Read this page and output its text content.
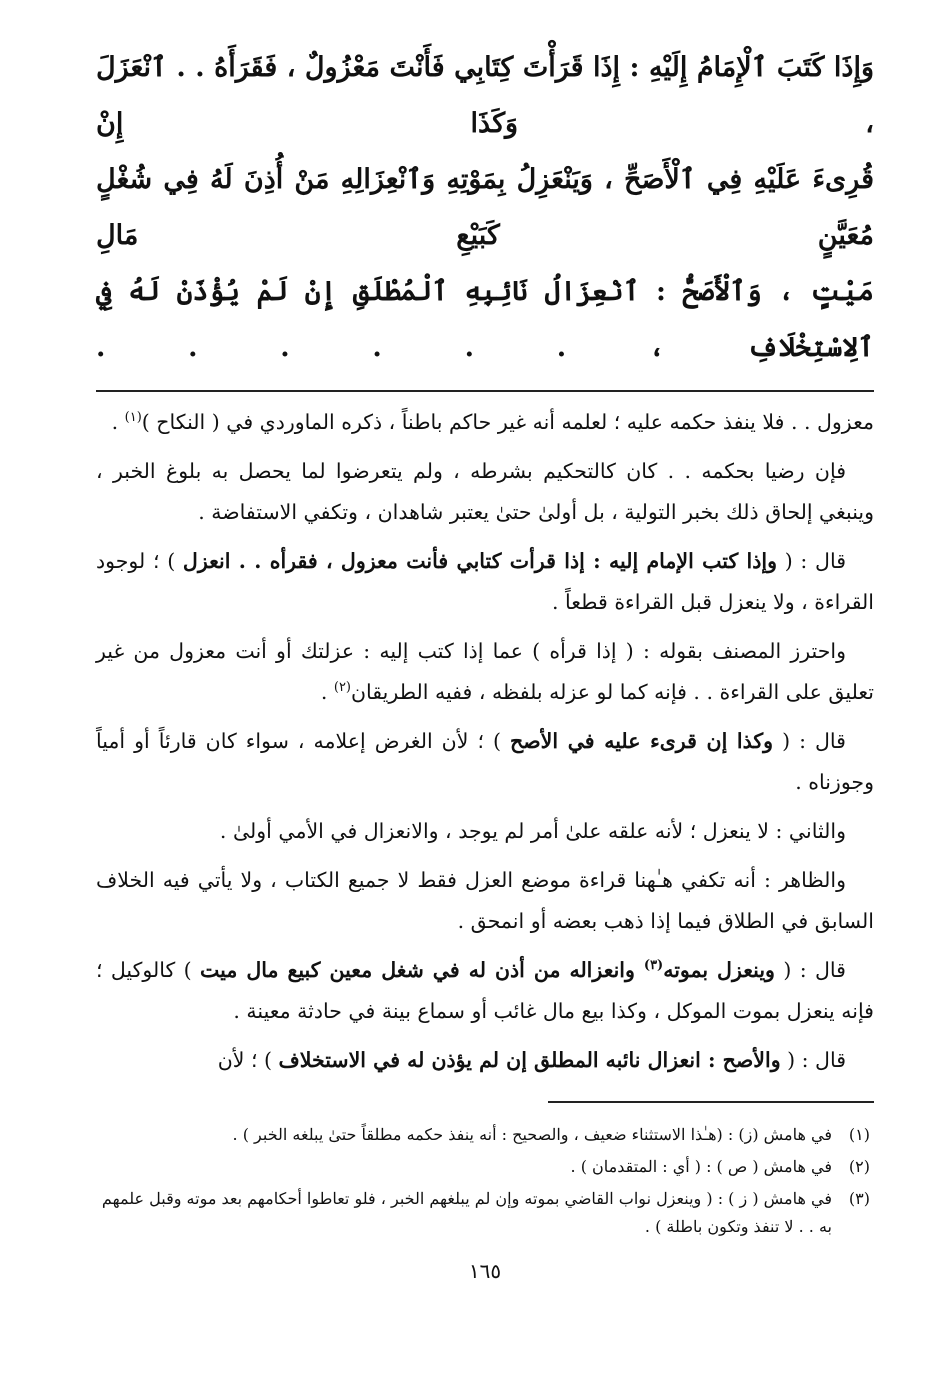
وَإِذَا كَتَبَ ٱلْإِمَامُ إِلَيْهِ : إِذَا قَرَأْتَ كِتَابِي فَأَنْتَ مَعْزُولٌ ، فَقَرَأَهُ . . ٱنْعَزَلَ ، وَكَذَا إِنْ

قُرِىءَ عَلَيْهِ فِي ٱلْأَصَحِّ ، وَيَنْعَزِلُ بِمَوْتِهِ وَٱنْعِزَالِهِ مَنْ أُذِنَ لَهُ فِي شُغْلٍ مُعَيَّنٍ كَبَيْعِ مَالِ

مَيْتٍ ، وَٱلْأَصَحُّ : ٱنْعِزَالُ نَائِبِهِ ٱلْمُطْلَقِ إِنْ لَمْ يُؤْذَنْ لَهُ فِي ٱلِاسْتِخْلَافِ ، . . . . . .

معزول . . فلا ينفذ حكمه عليه ؛ لعلمه أنه غير حاكم باطناً ، ذكره الماوردي في ( النكاح )$^{(١)}$ .

فإن رضيا بحكمه . . كان كالتحكيم بشرطه ، ولم يتعرضوا لما يحصل به بلوغ الخبر ، وينبغي إلحاق ذلك بخبر التولية ، بل أولىٰ حتىٰ يعتبر شاهدان ، وتكفي الاستفاضة .

قال : ( وإذا كتب الإمام إليه : إذا قرأت كتابي فأنت معزول ، فقرأه . . انعزل ) ؛ لوجود القراءة ، ولا ينعزل قبل القراءة قطعاً .

واحترز المصنف بقوله : ( إذا قرأه ) عما إذا كتب إليه : عزلتك أو أنت معزول من غير تعليق على القراءة . . فإنه كما لو عزله بلفظه ، ففيه الطريقان$^{(٢)}$ .

قال : ( وكذا إن قرىء عليه في الأصح ) ؛ لأن الغرض إعلامه ، سواء كان قارئاً أو أمياً وجوزناه .

والثاني : لا ينعزل ؛ لأنه علقه علىٰ أمر لم يوجد ، والانعزال في الأمي أولىٰ .

والظاهر : أنه تكفي هـٰهنا قراءة موضع العزل فقط لا جميع الكتاب ، ولا يأتي فيه الخلاف السابق في الطلاق فيما إذا ذهب بعضه أو انمحق .

قال : ( وينعزل بموته$^{(٣)}$ وانعزاله من أذن له في شغل معين كبيع مال ميت ) كالوكيل ؛ فإنه ينعزل بموت الموكل ، وكذا بيع مال غائب أو سماع بينة في حادثة معينة .

قال : ( والأصح : انعزال نائبه المطلق إن لم يؤذن له في الاستخلاف ) ؛ لأن

(١)
في هامش (ز) : (هـٰذا الاستثناء ضعيف ، والصحيح : أنه ينفذ حكمه مطلقاً حتىٰ يبلغه الخبر ) .
(٢)
في هامش ( ص ) : ( أي : المتقدمان ) .
(٣)
في هامش ( ز ) : ( وينعزل نواب القاضي بموته وإن لم يبلغهم الخبر ، فلو تعاطوا أحكامهم بعد موته وقبل علمهم به . . لا تنفذ وتكون باطلة ) .
١٦٥
